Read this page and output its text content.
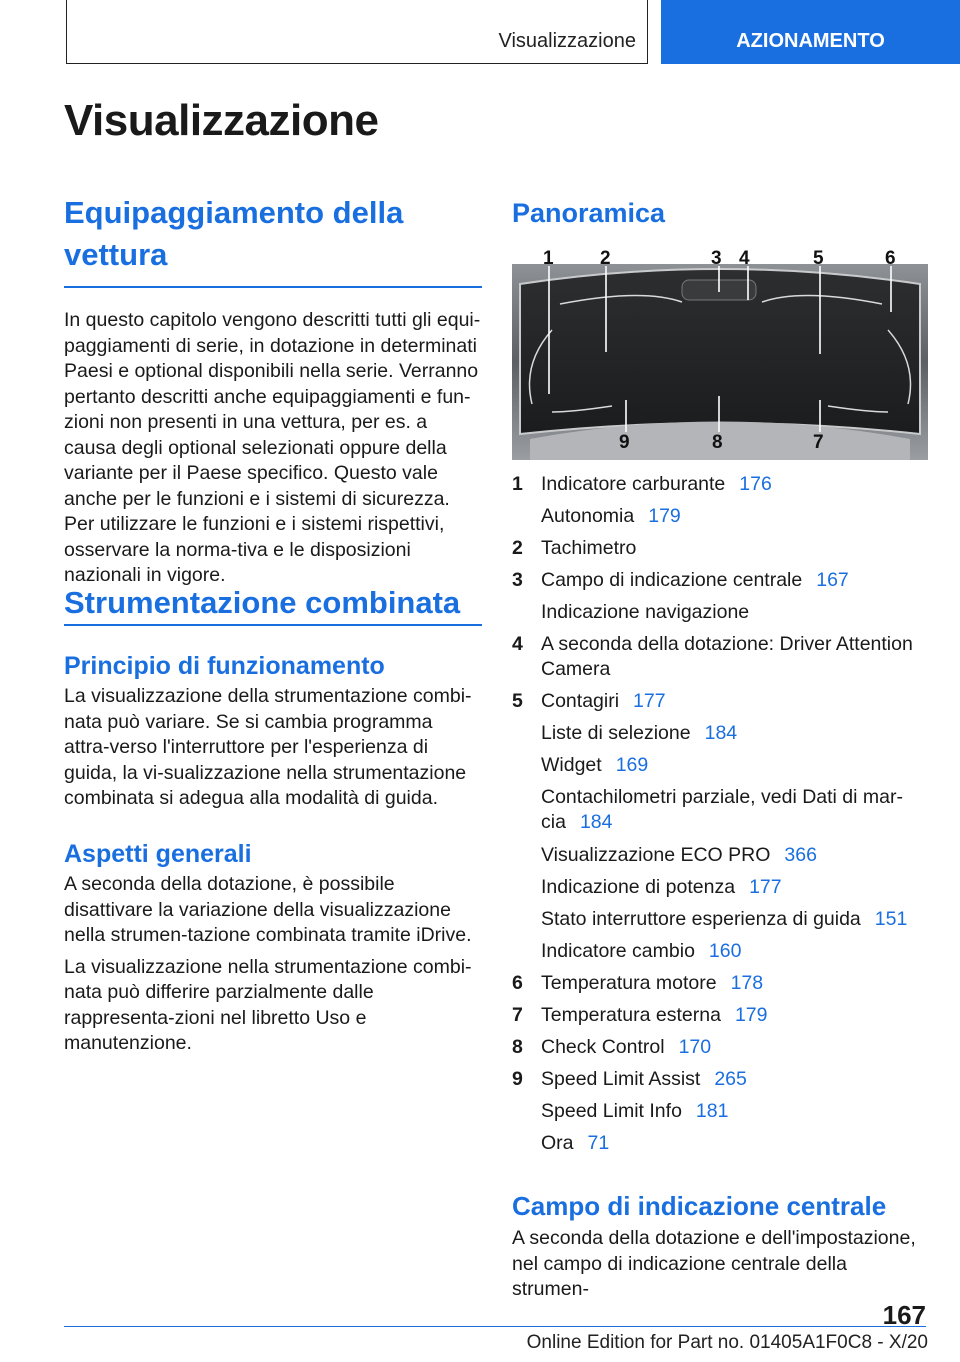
Visualizzazione	AZIONAMENTO
Visualizzazione
Equipaggiamento della vettura

In questo capitolo vengono descritti tutti gli equi-paggiamenti di serie, in dotazione in determinati Paesi e optional disponibili nella serie. Verranno pertanto descritti anche equipaggiamenti e fun-zioni non presenti in una vettura, per es. a causa degli optional selezionati oppure della variante per il Paese specifico. Questo vale anche per le funzioni e i sistemi di sicurezza. Per utilizzare le funzioni e i sistemi rispettivi, osservare la norma-tiva e le disposizioni nazionali in vigore.

Strumentazione combinata
Principio di funzionamento

La visualizzazione della strumentazione combi-nata può variare. Se si cambia programma attra-verso l'interruttore per l'esperienza di guida, la vi-sualizzazione nella strumentazione combinata si adegua alla modalità di guida.

Aspetti generali

A seconda della dotazione, è possibile disattivare la variazione della visualizzazione nella strumen-tazione combinata tramite iDrive.

La visualizzazione nella strumentazione combi-nata può differire parzialmente dalle rappresenta-zioni nel libretto Uso e manutenzione.

Panoramica
1 2	3 4	5	6
9	8	7
1 Indicatore carburante 176
Autonomia 179
2 Tachimetro
3 Campo di indicazione centrale 167
Indicazione navigazione
4 A seconda della dotazione: Driver Attention Camera
5 Contagiri 177
Liste di selezione 184
Widget 169
Contachilometri parziale, vedi Dati di mar-cia 184
Visualizzazione ECO PRO 366
Indicazione di potenza 177
Stato interruttore esperienza di guida 151
Indicatore cambio 160
6 Temperatura motore 178
7 Temperatura esterna 179
8 Check Control 170
9 Speed Limit Assist 265
Speed Limit Info 181
Ora 71
Campo di indicazione centrale

A seconda della dotazione e dell'impostazione, nel campo di indicazione centrale della strumen-

167
Online Edition for Part no. 01405A1F0C8 - X/20
